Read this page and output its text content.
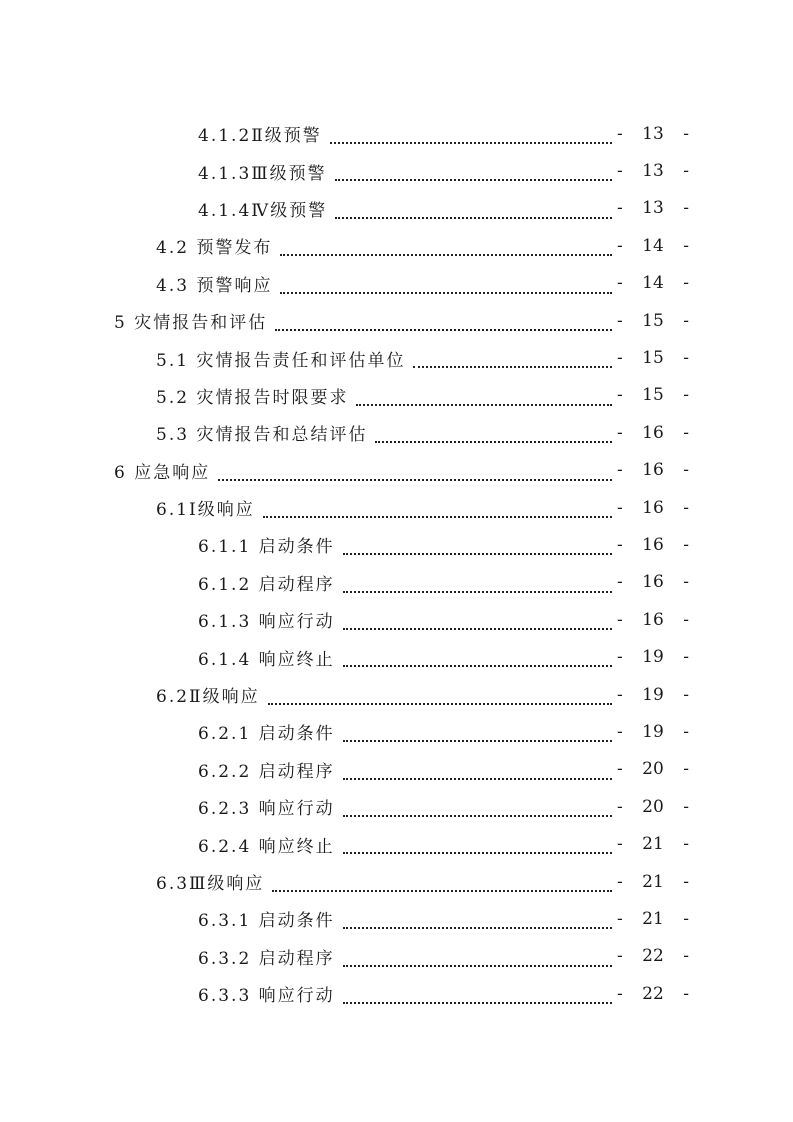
4.1.2Ⅱ级预警	- 13 -
4.1.3Ⅲ级预警	- 13 -
4.1.4Ⅳ级预警	- 13 -
4.2 预警发布	- 14 -
4.3 预警响应	- 14 -
5 灾情报告和评估	- 15 -
5.1 灾情报告责任和评估单位	- 15 -
5.2 灾情报告时限要求	- 15 -
5.3 灾情报告和总结评估	- 16 -
6 应急响应	- 16 -
6.1Ⅰ级响应	- 16 -
6.1.1 启动条件	- 16 -
6.1.2 启动程序	- 16 -
6.1.3 响应行动	- 16 -
6.1.4 响应终止	- 19 -
6.2Ⅱ级响应	- 19 -
6.2.1 启动条件	- 19 -
6.2.2 启动程序	- 20 -
6.2.3 响应行动	- 20 -
6.2.4 响应终止	- 21 -
6.3Ⅲ级响应	- 21 -
6.3.1 启动条件	- 21 -
6.3.2 启动程序	- 22 -
6.3.3 响应行动	- 22 -
